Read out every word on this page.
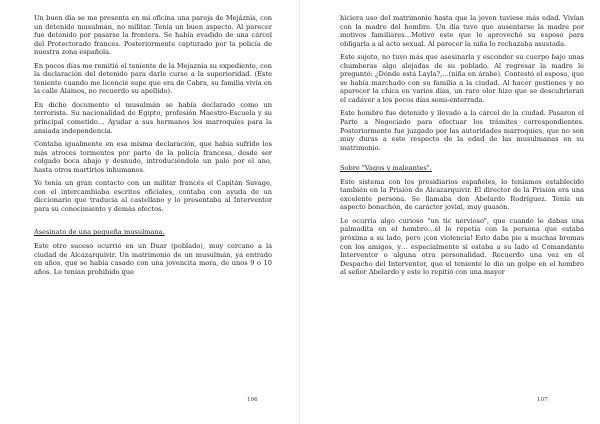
Un buen día se me presenta en mi oficina una pareja de Mejáznis, con un detenido musulmán, no militar. Tenía un buen aspecto. Al parecer fue detenido por pasarse la frontera. Se había evadido de una cárcel del Protectorado francés. Posteriormente capturado por la policía de nuestra zona española.

En pocos días me remitió el teniente de la Mejaznia su expediente, con la declaración del detenido para darle curso a la superioridad. (Este teniente cuando me licencié supe que era de Cabra, su familia vivía en la calle Álamos, no recuerdo su apellido).

En dicho documento el musulmán se había declarado como un terrorista. Su nacionalidad de Egipto, profesión Maestro-Escuela y su principal cometido… Ayudar a sus hermanos los marroquíes para la ansiada independencia.

Contaba igualmente en esa misma declaración, que había sufrido los más atroces tormentos por parte de la policía francesa, desde ser colgado boca abajo y desnudo, introduciéndole un palo por el ano, hasta otros martirios inhumanos.

Yo tenía un gran contacto con un militar francés el Capitán Savage, con el intercambiaba escritos oficiales, contaba con ayuda de un diccionario que traducía al castellano y lo presentaba al Interventor para su conocimiento y demás efectos.

Asesinato de una pequeña musulmana.

Este otro suceso ocurrió en un Duar (poblado), muy cercano a la ciudad de Alcazarquivir. Un matrimonio de un musulmán, ya entrado en años, que se había casado con una jovencita mora, de unos 9 o 10 años. Le tenían prohibido que

106

hiciera uso del matrimonio hasta que la joven tuviese más edad. Vivían con la madre del hombre. Un día tuvo que ausentarse la madre por motivos familiares…Motivo este que lo aprovechó su esposo para obligarla a al acto sexual. Al parecer la niña lo rechazaba asustada.

Este sujeto, no tuvo más que asesinarla y esconder su cuerpo bajo unas chumberas algo alejadas de su poblado. Al regresar la madre le preguntó: ¿Dónde está Layla?,…(niña en árabe). Contestó el esposo, que se había marchado con su familia a la ciudad. Al hacer gestiones y no aparecer la chica en varios días, un raro olor hizo que se descubrieran el cadáver a los pocos días semi-enterrada.

Este hombre fue detenido y llevado a la cárcel de la ciudad. Pasaron el Parte a Negociado para efectuar los trámites correspondientes. Posteriormente fue juzgado por las autoridades marroquíes, que no son muy duras a este respecto de la edad de las musulmanas en su matrimonio.

Sobre "Vagos y maleantes".

Este sistema con los presidiarios españoles, lo teníamos establecido también en la Prisión de Alcazarquivir. El director de la Prisión era una excelente persona. Se llamaba don Abelardo Rodríguez. Tenía un aspecto bonachón, de carácter jovial, muy guasón.

Le ocurría algo curioso "un tic nervioso", que cuando le dabas una palmadita en el hombro…él lo repetía con la persona que estaba próxima a su lado, pero ¡con violencia! Esto daba pie a muchas bromas con los amigos, y… especialmente si estaba a su lado el Comandante Interventor o alguna otra personalidad. Recuerdo una vez en el Despacho del Interventor, que el teniente le dio un golpe en el hombro al señor Abelardo y este lo repitió con una mayor

107
